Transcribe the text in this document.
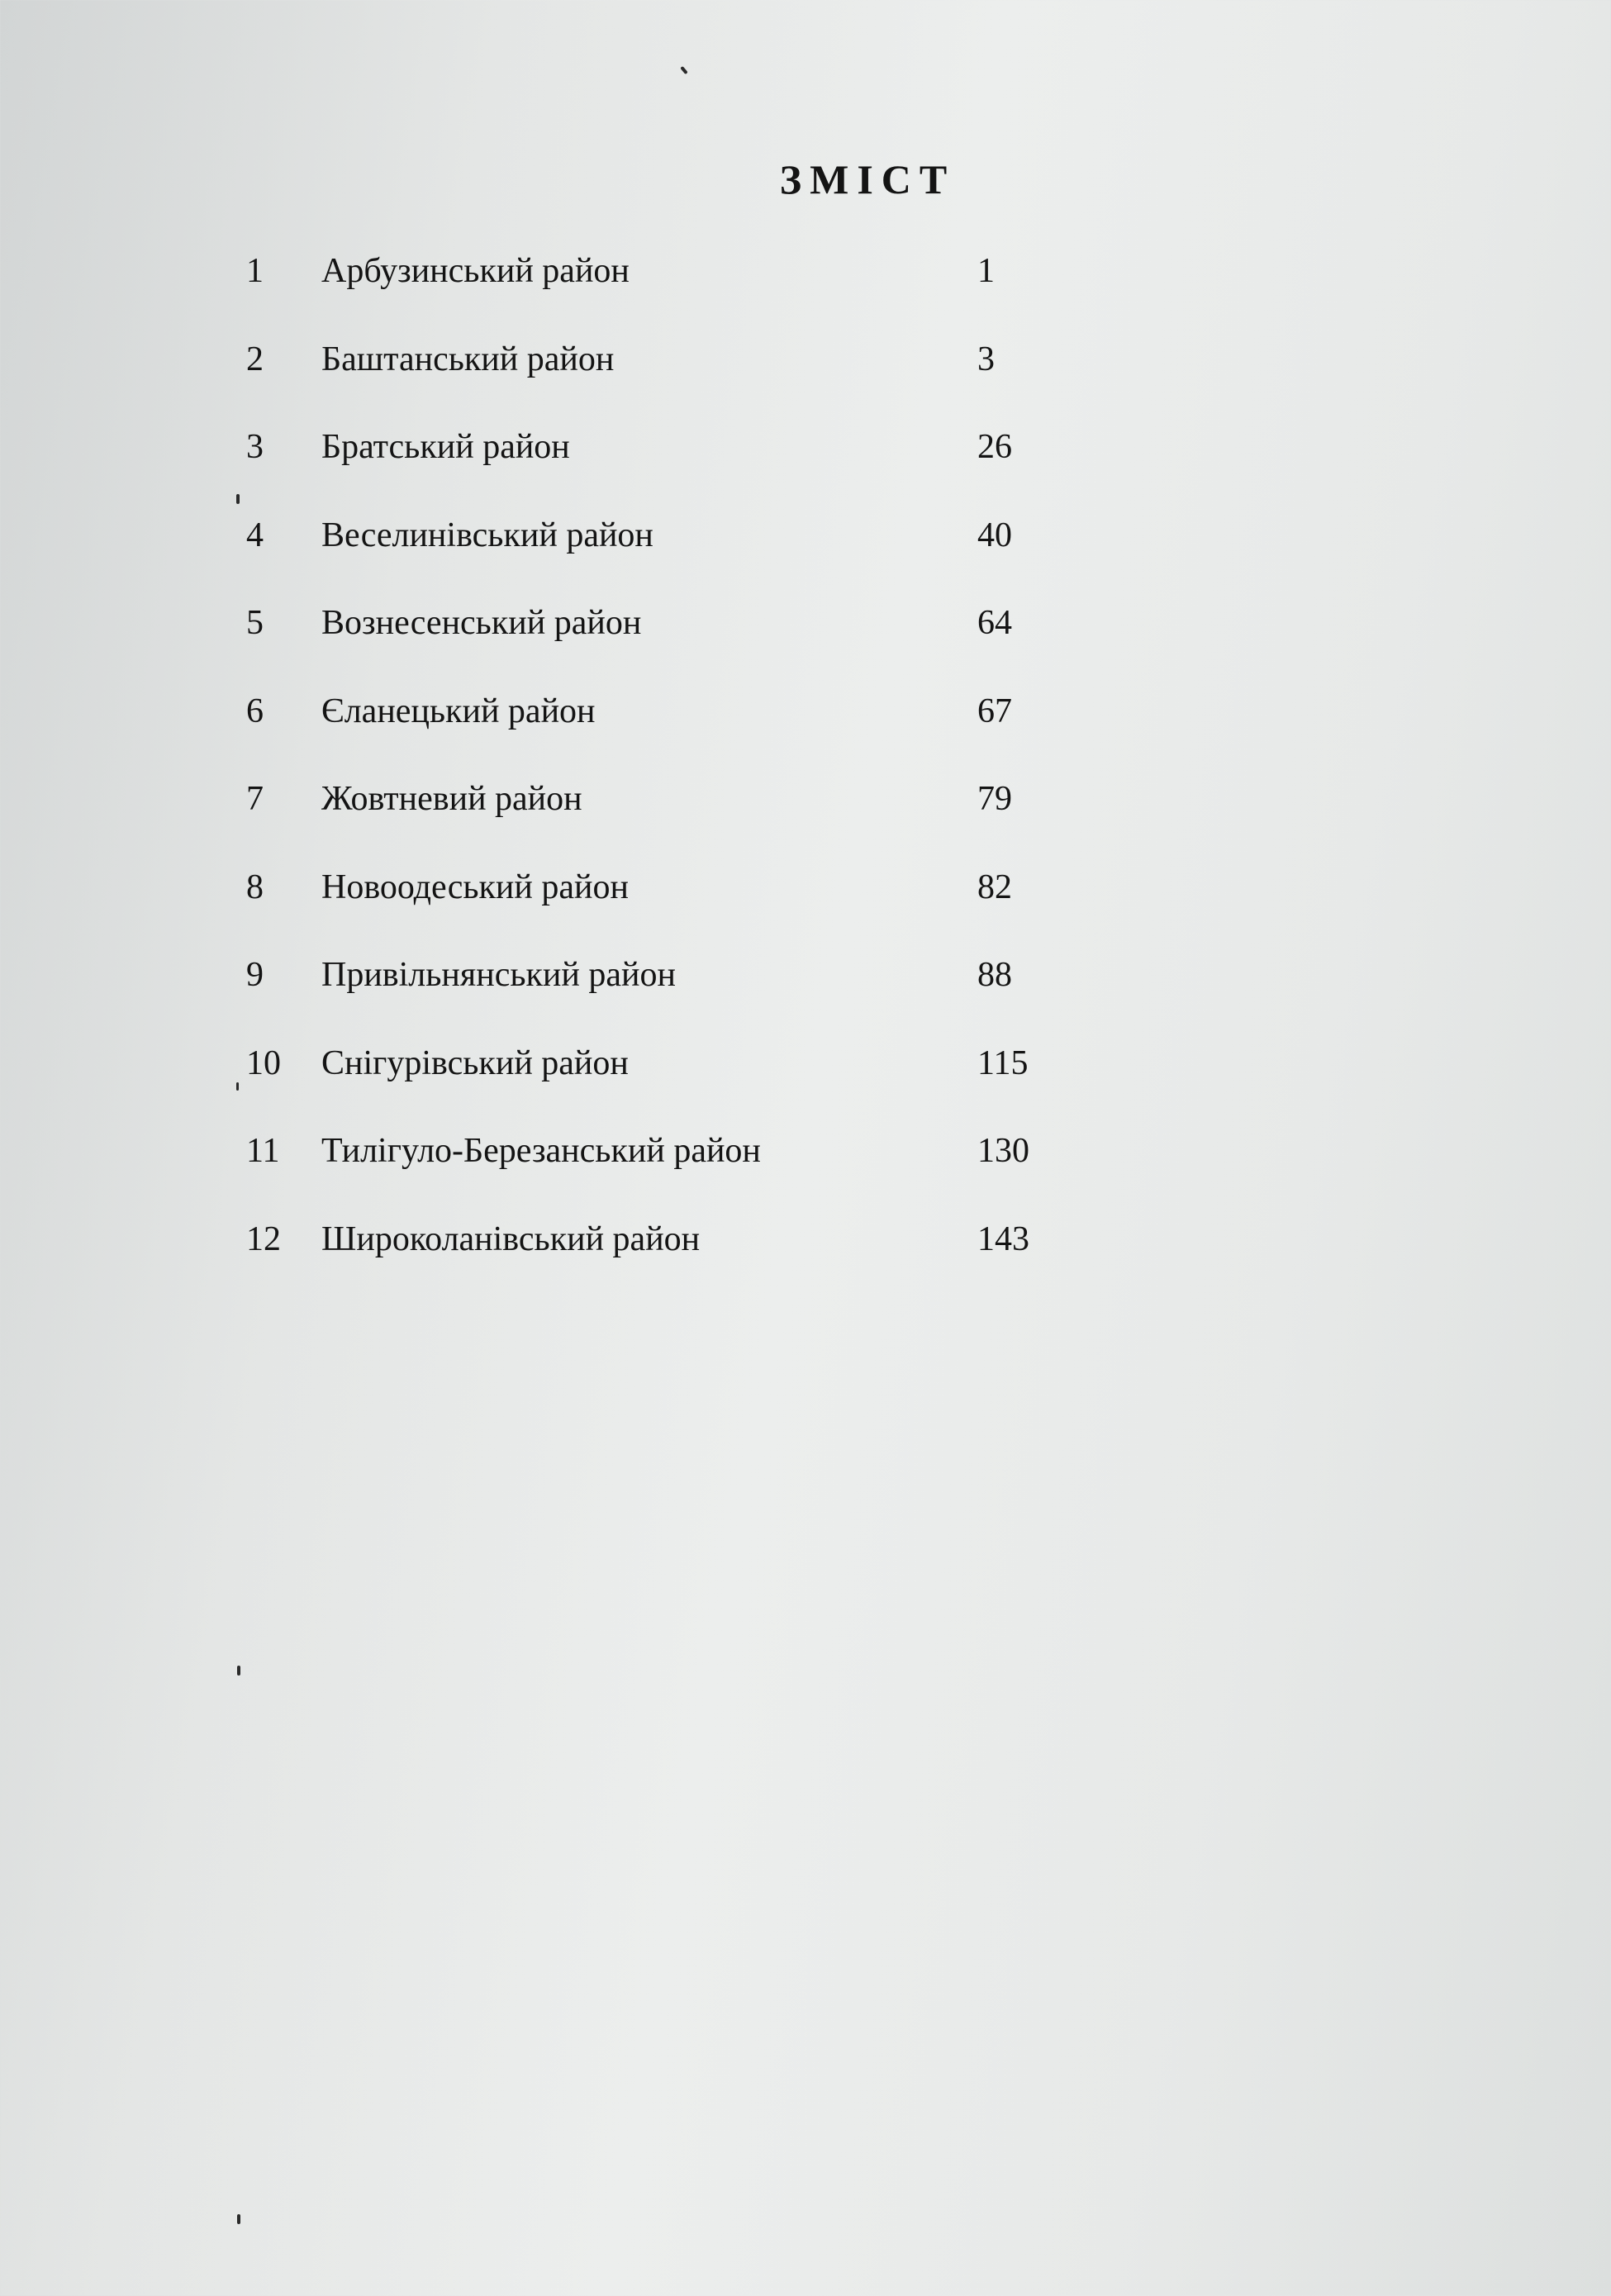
ЗМІСТ
1 Арбузинський район	1
2 Баштанський район	3
3 Братський район	26
4 Веселинівський район	40
5 Вознесенський район	64
6 Єланецький район	67
7 Жовтневий район	79
8 Новоодеський район	82
9 Привільнянський район	88
10 Снігурівський район	115
11 Тилігуло-Березанський район	130
12 Широколанівський район	143
